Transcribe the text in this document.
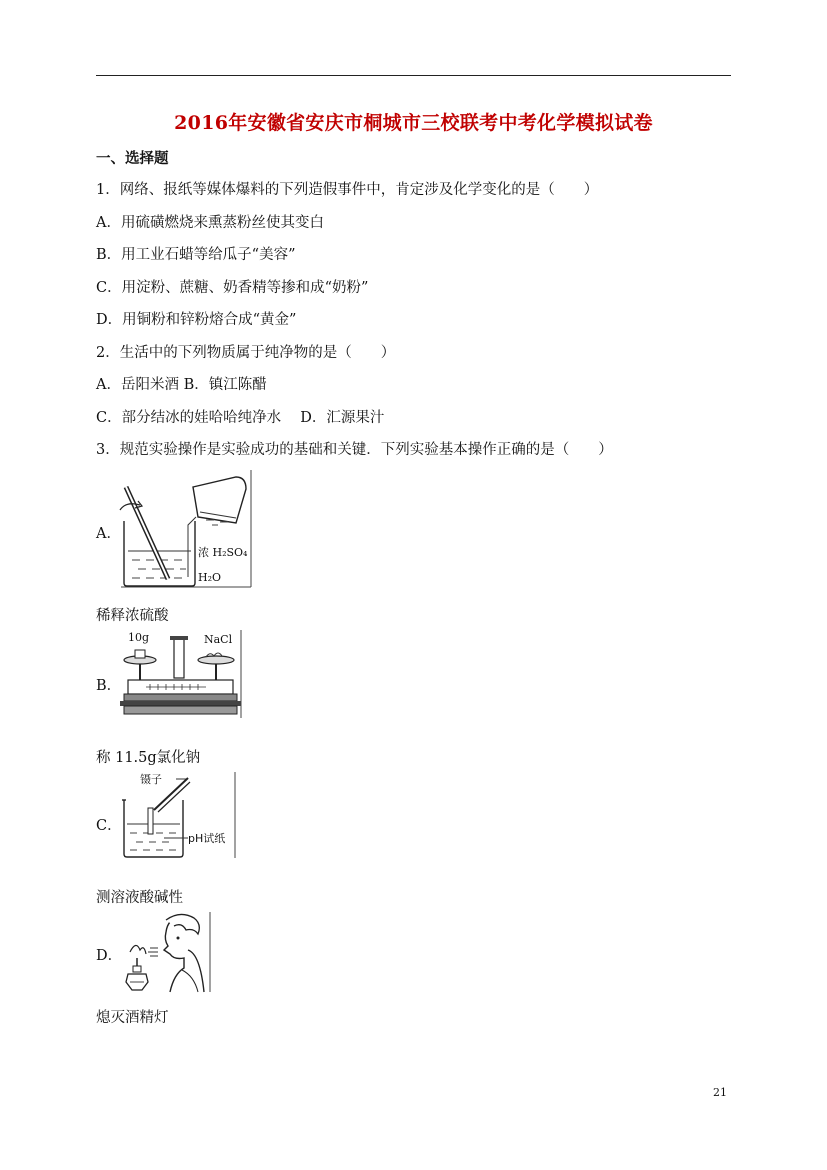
2016年安徽省安庆市桐城市三校联考中考化学模拟试卷
一、选择题
1．网络、报纸等媒体爆料的下列造假事件中，肯定涉及化学变化的是（　　）
A．用硫磺燃烧来熏蒸粉丝使其变白
B．用工业石蜡等给瓜子“美容”
C．用淀粉、蔗糖、奶香精等掺和成“奶粉”
D．用铜粉和锌粉熔合成“黄金”
2．生活中的下列物质属于纯净物的是（　　）
A．岳阳米酒 B．镇江陈醋
C．部分结冰的娃哈哈纯净水　 D．汇源果汁
3．规范实验操作是实验成功的基础和关键．下列实验基本操作正确的是（　　）
A．
浓 H₂SO₄
H₂O
稀释浓硫酸
B．
10g	NaCl
称 11.5g氯化钠
C．
镊子
pH试纸
测溶液酸碱性
D．
熄灭酒精灯
21
